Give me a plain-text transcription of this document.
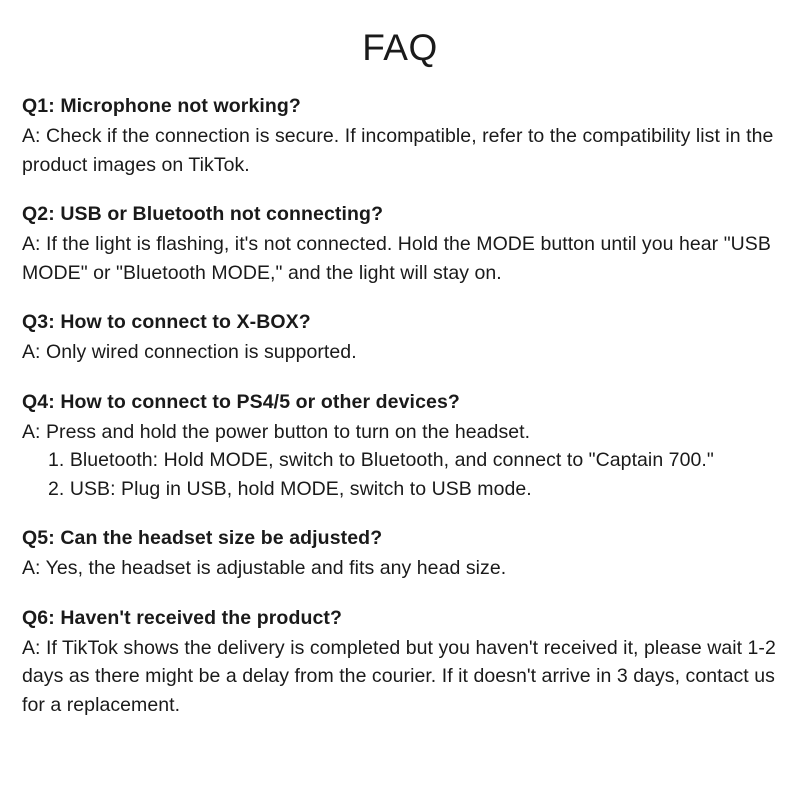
FAQ

Q1: Microphone not working?

A: Check if the connection is secure. If incompatible, refer to the compatibility list in the product images on TikTok.

Q2: USB or Bluetooth not connecting?

A: If the light is flashing, it's not connected. Hold the MODE button until you hear "USB MODE" or "Bluetooth MODE," and the light will stay on.

Q3: How to connect to X-BOX?

A: Only wired connection is supported.

Q4: How to connect to PS4/5 or other devices?

A: Press and hold the power button to turn on the headset.

1. Bluetooth: Hold MODE, switch to Bluetooth, and connect to "Captain 700."
2. USB: Plug in USB, hold MODE, switch to USB mode.

Q5: Can the headset size be adjusted?

A: Yes, the headset is adjustable and fits any head size.

Q6: Haven't received the product?

A: If TikTok shows the delivery is completed but you haven't received it, please wait 1-2 days as there might be a delay from the courier. If it doesn't arrive in 3 days, contact us for a replacement.
